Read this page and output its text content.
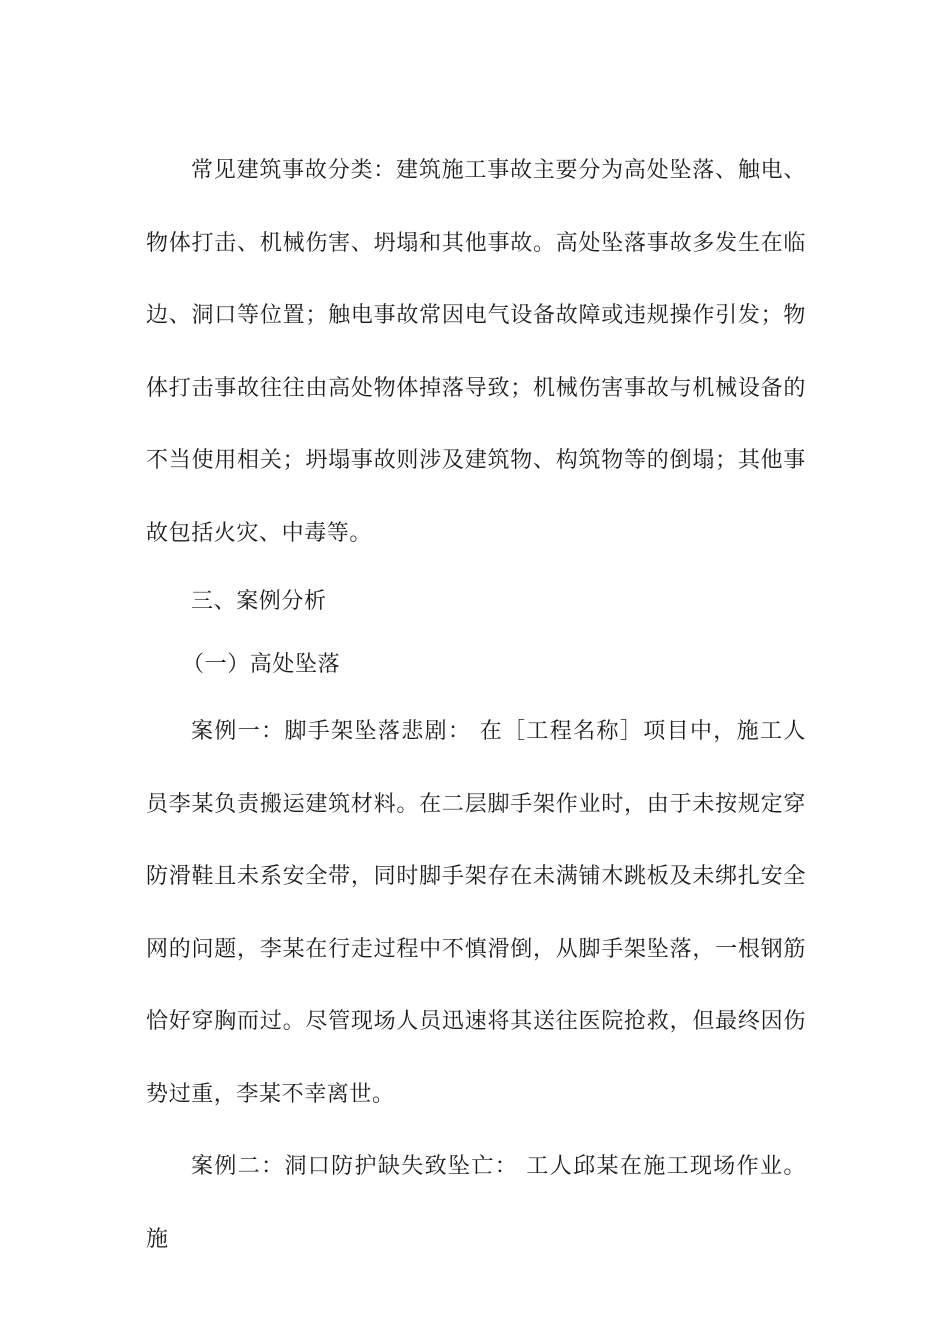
常见建筑事故分类：建筑施工事故主要分为高处坠落、触电、物体打击、机械伤害、坍塌和其他事故。高处坠落事故多发生在临边、洞口等位置；触电事故常因电气设备故障或违规操作引发；物体打击事故往往由高处物体掉落导致；机械伤害事故与机械设备的不当使用相关；坍塌事故则涉及建筑物、构筑物等的倒塌；其他事故包括火灾、中毒等。

三、案例分析

（一）高处坠落

案例一：脚手架坠落悲剧： 在［工程名称］项目中，施工人员李某负责搬运建筑材料。在二层脚手架作业时，由于未按规定穿防滑鞋且未系安全带，同时脚手架存在未满铺木跳板及未绑扎安全网的问题，李某在行走过程中不慎滑倒，从脚手架坠落，一根钢筋恰好穿胸而过。尽管现场人员迅速将其送往医院抢救，但最终因伤势过重，李某不幸离世。

案例二：洞口防护缺失致坠亡： 工人邱某在施工现场作业。施
